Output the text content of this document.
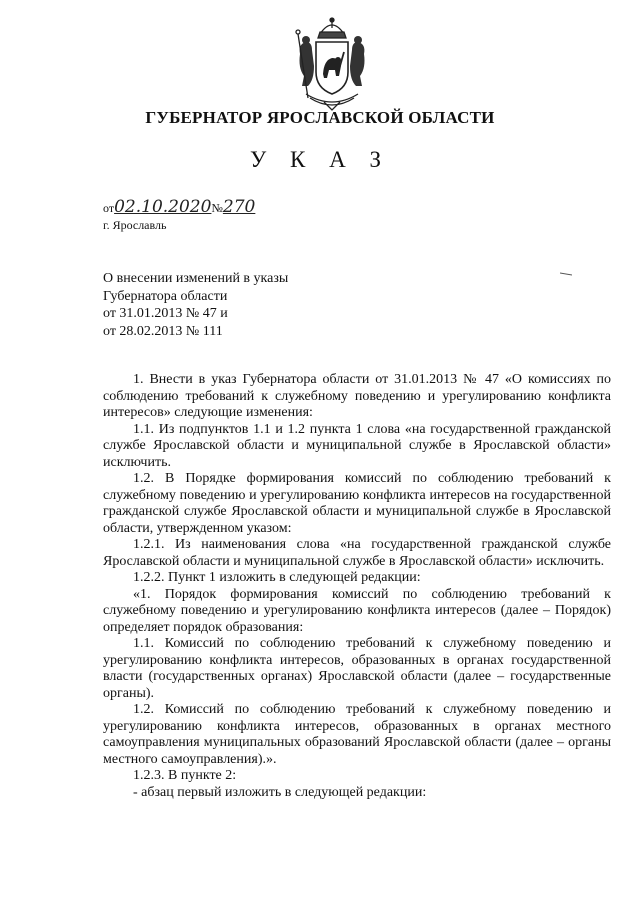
ГУБЕРНАТОР ЯРОСЛАВСКОЙ ОБЛАСТИ
У К А З
от02.10.2020№270
г. Ярославль
О внесении изменений в указы
Губернатора области
от 31.01.2013 № 47 и
от 28.02.2013 № 111

1. Внести в указ Губернатора области от 31.01.2013 № 47 «О комиссиях по соблюдению требований к служебному поведению и урегулированию конфликта интересов» следующие изменения:

1.1. Из подпунктов 1.1 и 1.2 пункта 1 слова «на государственной гражданской службе Ярославской области и муниципальной службе в Ярославской области» исключить.

1.2. В Порядке формирования комиссий по соблюдению требований к служебному поведению и урегулированию конфликта интересов на государственной гражданской службе Ярославской области и муниципальной службе в Ярославской области, утвержденном указом:

1.2.1. Из наименования слова «на государственной гражданской службе Ярославской области и муниципальной службе в Ярославской области» исключить.

1.2.2. Пункт 1 изложить в следующей редакции:

«1. Порядок формирования комиссий по соблюдению требований к служебному поведению и урегулированию конфликта интересов (далее – Порядок) определяет порядок образования:

1.1. Комиссий по соблюдению требований к служебному поведению и урегулированию конфликта интересов, образованных в органах государственной власти (государственных органах) Ярославской области (далее – государственные органы).

1.2. Комиссий по соблюдению требований к служебному поведению и урегулированию конфликта интересов, образованных в органах местного самоуправления муниципальных образований Ярославской области (далее – органы местного самоуправления).».

1.2.3. В пункте 2:

- абзац первый изложить в следующей редакции:
